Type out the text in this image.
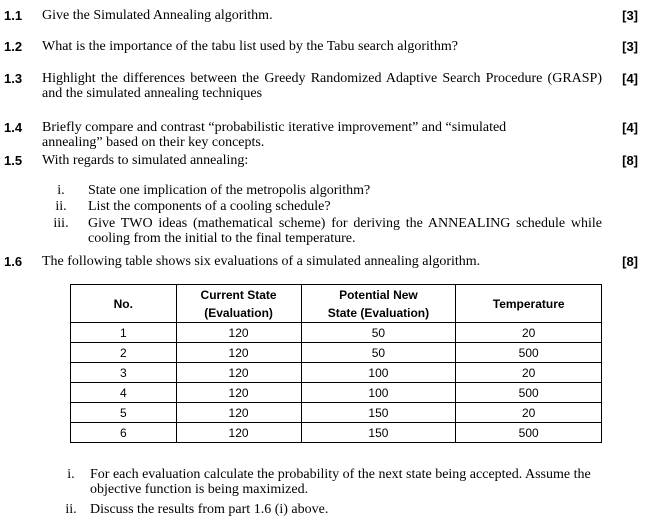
1.1 Give the Simulated Annealing algorithm.	[3]
1.2 What is the importance of the tabu list used by the Tabu search algorithm?	[3]
1.3 Highlight the differences between the Greedy Randomized Adaptive Search Procedure (GRASP) and the simulated annealing techniques
[4]
1.4 Briefly compare and contrast “probabilistic iterative improvement” and “simulated annealing” based on their key concepts.
[4]
1.5 With regards to simulated annealing:	[8]
i.	State one implication of the metropolis algorithm?
ii.	List the components of a cooling schedule?
iii.	Give TWO ideas (mathematical scheme) for deriving the ANNEALING schedule while cooling from the initial to the final temperature.
1.6 The following table shows six evaluations of a simulated annealing algorithm.	[8]
No.	Current State (Evaluation)	Potential New State (Evaluation)	Temperature
1	120	50	20
2	120	50	500
3	120	100	20
4	120	100	500
5	120	150	20
6	120	150	500
i.	For each evaluation calculate the probability of the next state being accepted. Assume the objective function is being maximized.
ii. Discuss the results from part 1.6 (i) above.
